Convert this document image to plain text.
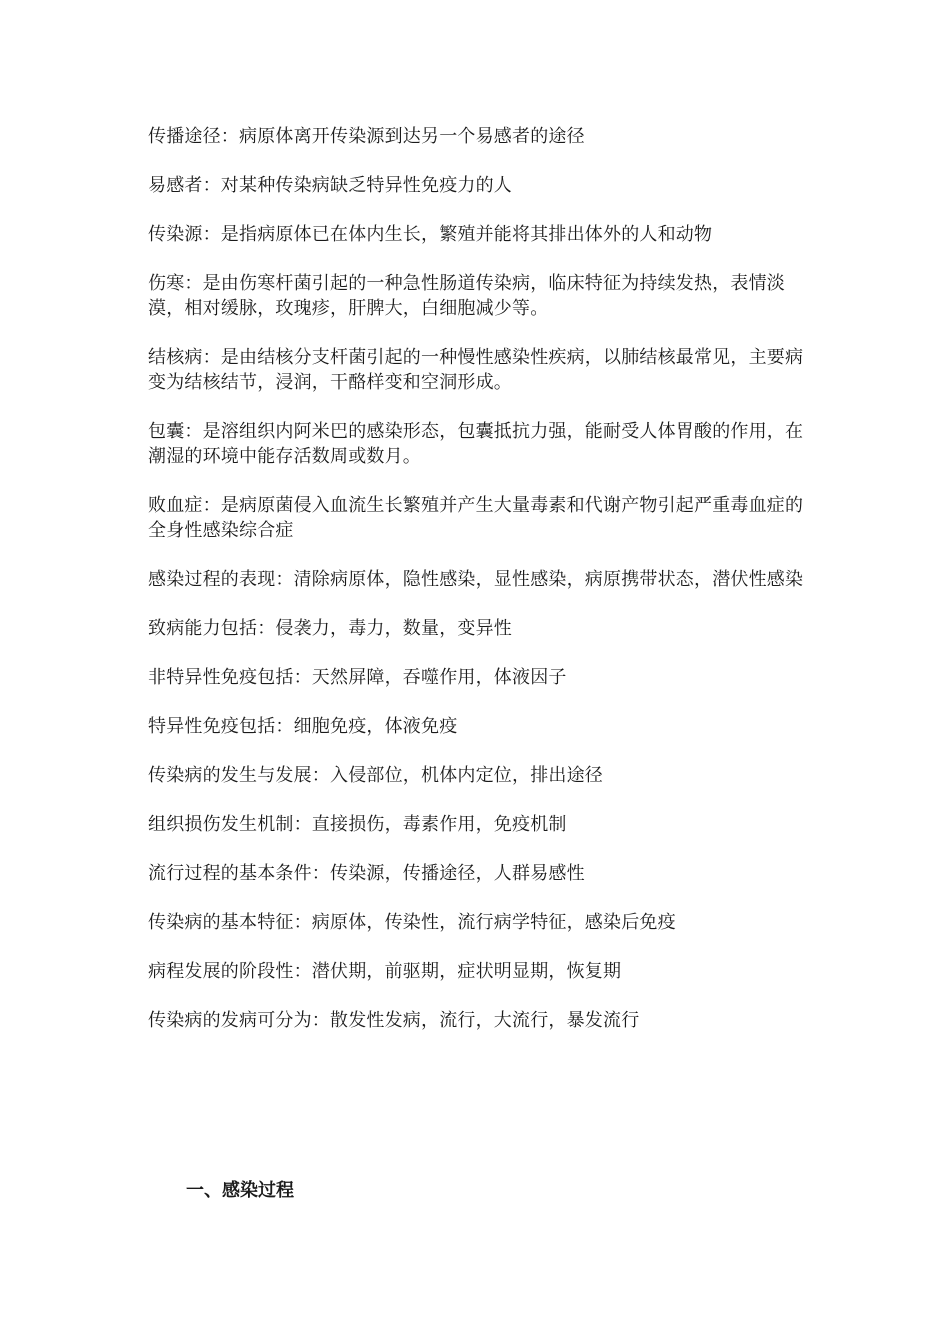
传播途径：病原体离开传染源到达另一个易感者的途径

易感者：对某种传染病缺乏特异性免疫力的人

传染源：是指病原体已在体内生长，繁殖并能将其排出体外的人和动物

伤寒：是由伤寒杆菌引起的一种急性肠道传染病，临床特征为持续发热，表情淡漠，相对缓脉，玫瑰疹，肝脾大，白细胞减少等。

结核病：是由结核分支杆菌引起的一种慢性感染性疾病，以肺结核最常见，主要病变为结核结节，浸润，干酪样变和空洞形成。

包囊：是溶组织内阿米巴的感染形态，包囊抵抗力强，能耐受人体胃酸的作用，在潮湿的环境中能存活数周或数月。

败血症：是病原菌侵入血流生长繁殖并产生大量毒素和代谢产物引起严重毒血症的全身性感染综合症

感染过程的表现：清除病原体，隐性感染，显性感染，病原携带状态，潜伏性感染

致病能力包括：侵袭力，毒力，数量，变异性

非特异性免疫包括：天然屏障，吞噬作用，体液因子

特异性免疫包括：细胞免疫，体液免疫

传染病的发生与发展：入侵部位，机体内定位，排出途径

组织损伤发生机制：直接损伤，毒素作用，免疫机制

流行过程的基本条件：传染源，传播途径，人群易感性

传染病的基本特征：病原体，传染性，流行病学特征，感染后免疫

病程发展的阶段性：潜伏期，前驱期，症状明显期，恢复期

传染病的发病可分为：散发性发病，流行，大流行，暴发流行

一、感染过程
